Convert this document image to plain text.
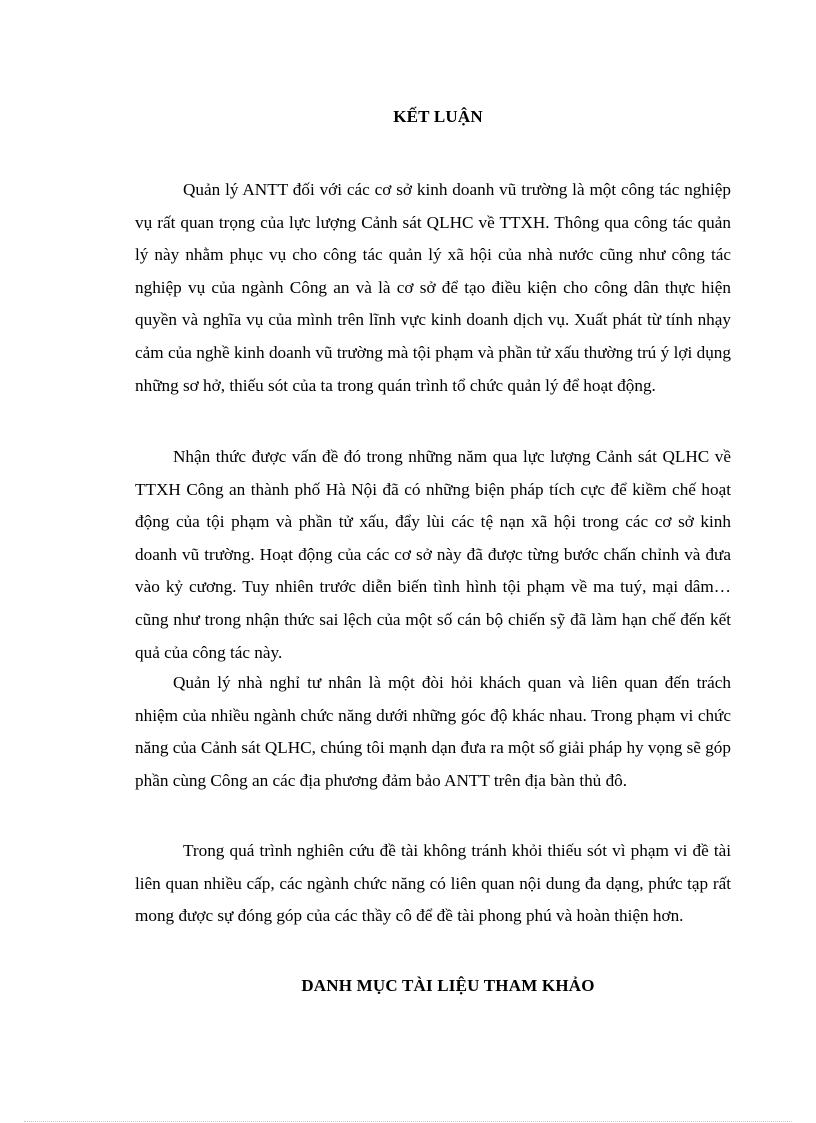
KẾT LUẬN

Quản lý ANTT đối với các cơ sở kinh doanh vũ trường là một công tác nghiệp vụ rất quan trọng của lực lượng Cảnh sát QLHC về TTXH. Thông qua công tác quản lý này nhằm phục vụ cho công tác quản lý xã hội của nhà nước cũng như công tác nghiệp vụ của ngành Công an và là cơ sở để tạo điều kiện cho công dân thực hiện quyền và nghĩa vụ của mình trên lĩnh vực kinh doanh dịch vụ. Xuất phát từ tính nhạy cảm của nghề kinh doanh vũ trường mà tội phạm và phần tử xấu thường trú ý lợi dụng những sơ hở, thiếu sót của ta trong quán trình tổ chức quản lý để hoạt động.

Nhận thức được vấn đề đó trong những năm qua lực lượng Cảnh sát QLHC về TTXH Công an thành phố Hà Nội đã có những biện pháp tích cực để kiềm chế hoạt động của tội phạm và phần tử xấu, đẩy lùi các tệ nạn xã hội trong các cơ sở kinh doanh vũ trường. Hoạt động của các cơ sở này đã được từng bước chấn chỉnh và đưa vào kỷ cương. Tuy nhiên trước diễn biến tình hình tội phạm về ma tuý, mại dâm… cũng như trong nhận thức sai lệch của một số cán bộ chiến sỹ đã làm hạn chế đến kết quả của công tác này.

Quản lý nhà nghỉ tư nhân là một đòi hỏi khách quan và liên quan đến trách nhiệm của nhiều ngành chức năng dưới những góc độ khác nhau. Trong phạm vi chức năng của Cảnh sát QLHC, chúng tôi mạnh dạn đưa ra một số giải pháp hy vọng sẽ góp phần cùng Công an các địa phương đảm bảo ANTT trên địa bàn thủ đô.

Trong quá trình nghiên cứu đề tài không tránh khỏi thiếu sót vì phạm vi đề tài liên quan nhiều cấp, các ngành chức năng có liên quan nội dung đa dạng, phức tạp rất mong được sự đóng góp của các thầy cô để đề tài phong phú và hoàn thiện hơn.

DANH MỤC TÀI LIỆU THAM KHẢO
